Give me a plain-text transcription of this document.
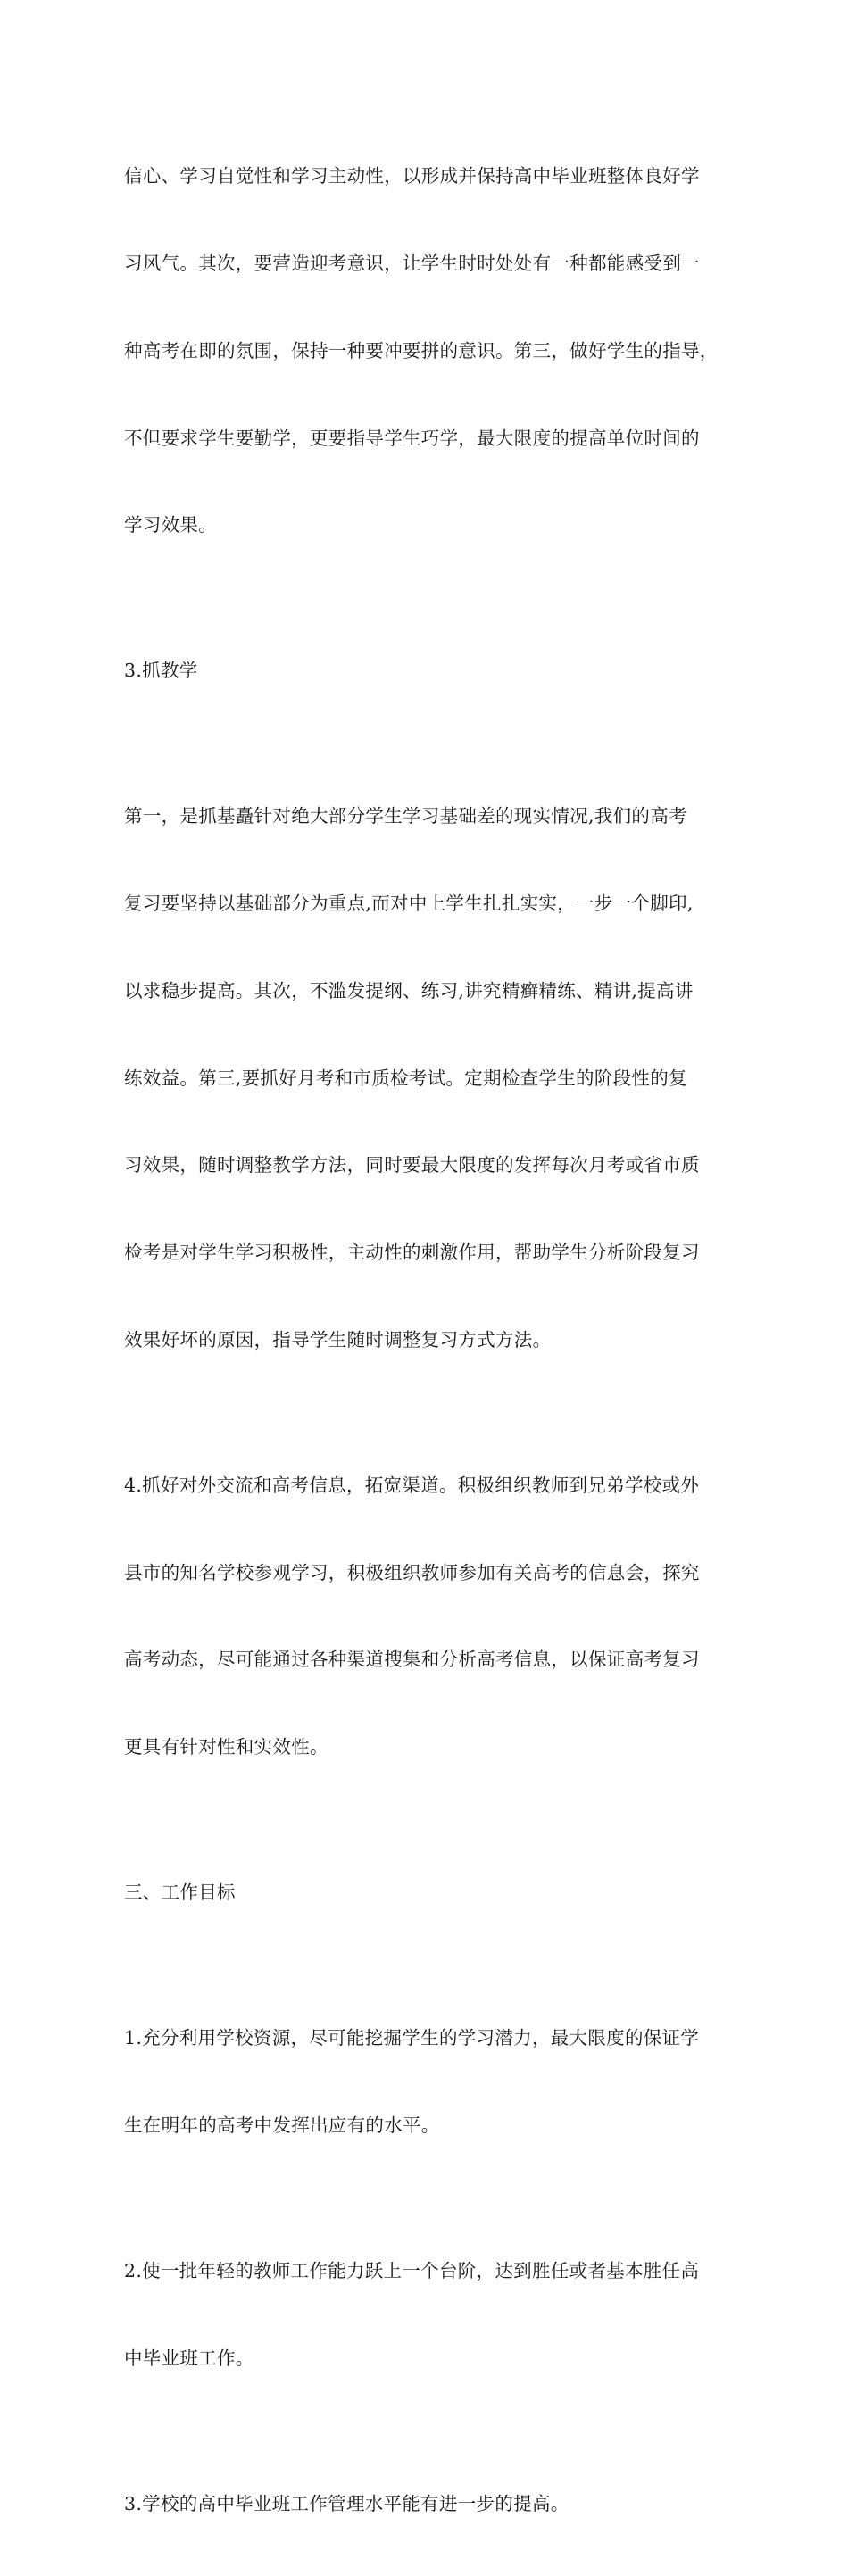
信心、学习自觉性和学习主动性，以形成并保持高中毕业班整体良好学

习风气。其次，要营造迎考意识，让学生时时处处有一种都能感受到一

种高考在即的氛围，保持一种要冲要拼的意识。第三，做好学生的指导，

不但要求学生要勤学，更要指导学生巧学，最大限度的提高单位时间的

学习效果。

3.抓教学

第一，是抓基矗针对绝大部分学生学习基础差的现实情况,我们的高考

复习要坚持以基础部分为重点,而对中上学生扎扎实实，一步一个脚印,

以求稳步提高。其次，不滥发提纲、练习,讲究精癣精练、精讲,提高讲

练效益。第三,要抓好月考和市质检考试。定期检查学生的阶段性的复

习效果，随时调整教学方法，同时要最大限度的发挥每次月考或省市质

检考是对学生学习积极性，主动性的刺激作用，帮助学生分析阶段复习

效果好坏的原因，指导学生随时调整复习方式方法。

4.抓好对外交流和高考信息，拓宽渠道。积极组织教师到兄弟学校或外

县市的知名学校参观学习，积极组织教师参加有关高考的信息会，探究

高考动态，尽可能通过各种渠道搜集和分析高考信息，以保证高考复习

更具有针对性和实效性。

三、工作目标

1.充分利用学校资源，尽可能挖掘学生的学习潜力，最大限度的保证学

生在明年的高考中发挥出应有的水平。

2.使一批年轻的教师工作能力跃上一个台阶，达到胜任或者基本胜任高

中毕业班工作。

3.学校的高中毕业班工作管理水平能有进一步的提高。
